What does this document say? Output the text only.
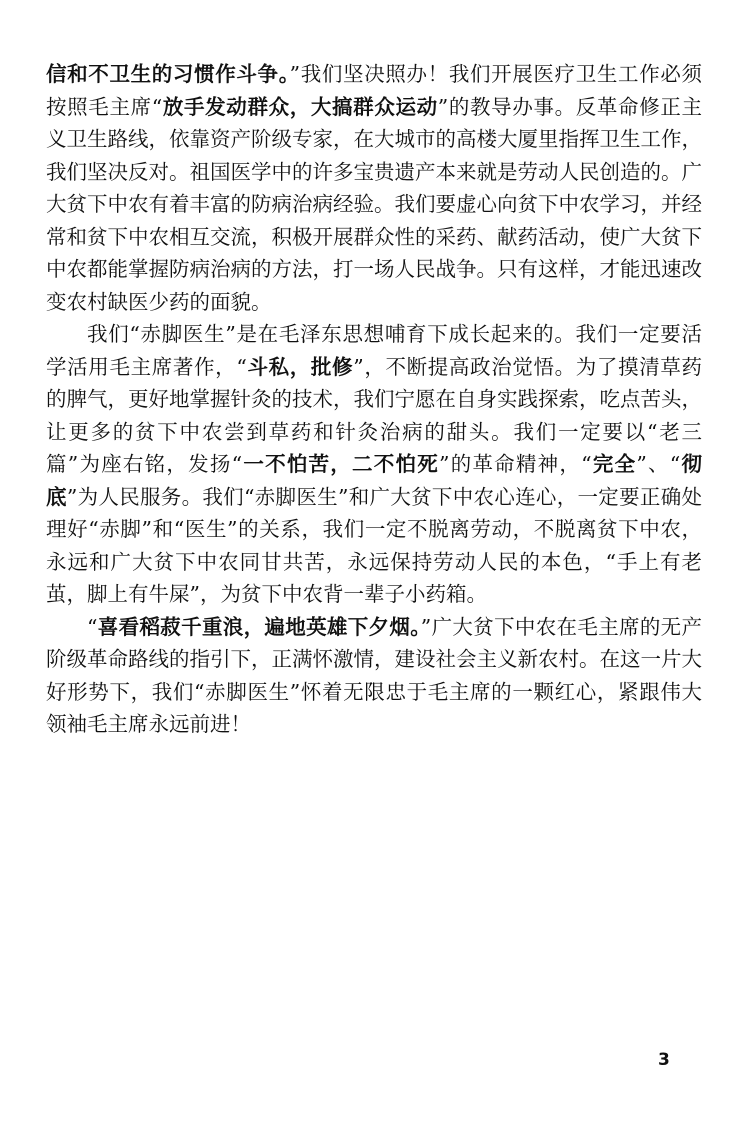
信和不卫生的习惯作斗争。”我们坚决照办！我们开展医疗卫生工作必须按照毛主席“放手发动群众，大搞群众运动”的教导办事。反革命修正主义卫生路线，依靠资产阶级专家，在大城市的高楼大厦里指挥卫生工作，我们坚决反对。祖国医学中的许多宝贵遗产本来就是劳动人民创造的。广大贫下中农有着丰富的防病治病经验。我们要虚心向贫下中农学习，并经常和贫下中农相互交流，积极开展群众性的采药、献药活动，使广大贫下中农都能掌握防病治病的方法，打一场人民战争。只有这样，才能迅速改变农村缺医少药的面貌。

我们“赤脚医生”是在毛泽东思想哺育下成长起来的。我们一定要活学活用毛主席著作，“斗私，批修”，不断提高政治觉悟。为了摸清草药的脾气，更好地掌握针灸的技术，我们宁愿在自身实践探索，吃点苦头，让更多的贫下中农尝到草药和针灸治病的甜头。我们一定要以“老三篇”为座右铭，发扬“一不怕苦，二不怕死”的革命精神，“完全”、“彻底”为人民服务。我们“赤脚医生”和广大贫下中农心连心，一定要正确处理好“赤脚”和“医生”的关系，我们一定不脱离劳动，不脱离贫下中农，永远和广大贫下中农同甘共苦，永远保持劳动人民的本色，“手上有老茧，脚上有牛屎”，为贫下中农背一辈子小药箱。

“喜看稻菽千重浪，遍地英雄下夕烟。”广大贫下中农在毛主席的无产阶级革命路线的指引下，正满怀激情，建设社会主义新农村。在这一片大好形势下，我们“赤脚医生”怀着无限忠于毛主席的一颗红心，紧跟伟大领袖毛主席永远前进！

3
